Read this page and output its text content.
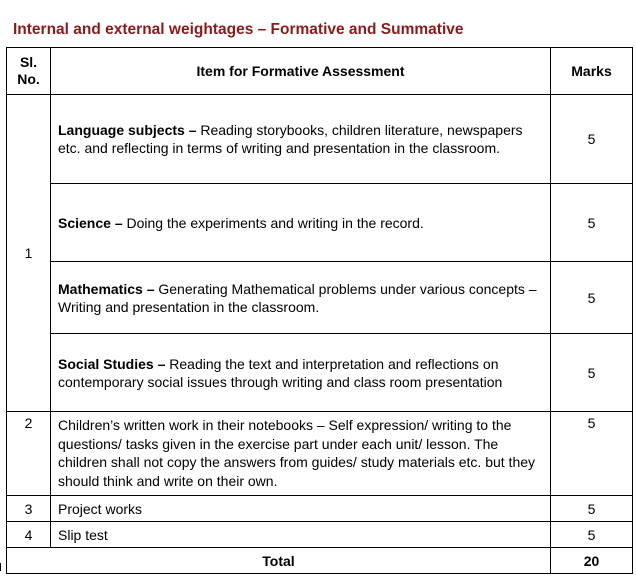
Internal and external weightages – Formative and Summative
Sl. No.	Item for Formative Assessment	Marks
1	Language subjects – Reading storybooks, children literature, newspapers etc. and reflecting in terms of writing and presentation in the classroom.	5
	Science – Doing the experiments and writing in the record.	5
	Mathematics – Generating Mathematical problems under various concepts – Writing and presentation in the classroom.	5
	Social Studies – Reading the text and interpretation and reflections on contemporary social issues through writing and class room presentation	5
2	Children’s written work in their notebooks – Self expression/ writing to the questions/ tasks given in the exercise part under each unit/ lesson. The children shall not copy the answers from guides/ study materials etc. but they should think and write on their own.	5
3	Project works	5
4	Slip test	5
Total		20
